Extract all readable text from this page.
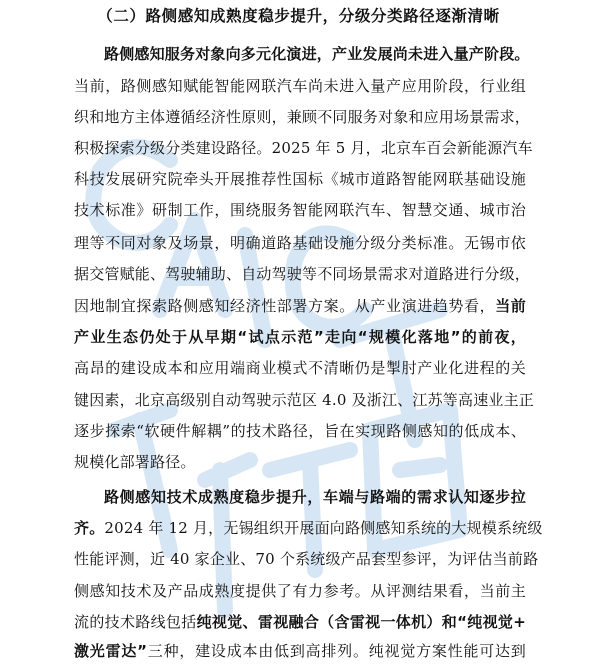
（二）路侧感知成熟度稳步提升，分级分类路径逐渐清晰
路侧感知服务对象向多元化演进，产业发展尚未进入量产阶段。
当前，路侧感知赋能智能网联汽车尚未进入量产应用阶段，行业组
织和地方主体遵循经济性原则，兼顾不同服务对象和应用场景需求，
积极探索分级分类建设路径。2025 年 5 月，北京车百会新能源汽车
科技发展研究院牵头开展推荐性国标《城市道路智能网联基础设施
技术标准》研制工作，围绕服务智能网联汽车、智慧交通、城市治
理等不同对象及场景，明确道路基础设施分级分类标准。无锡市依
据交管赋能、驾驶辅助、自动驾驶等不同场景需求对道路进行分级，
因地制宜探索路侧感知经济性部署方案。从产业演进趋势看，当前
产业生态仍处于从早期“试点示范”走向“规模化落地”的前夜，
高昂的建设成本和应用端商业模式不清晰仍是掣肘产业化进程的关
键因素，北京高级别自动驾驶示范区 4.0 及浙江、江苏等高速业主正
逐步探索“软硬件解耦”的技术路径，旨在实现路侧感知的低成本、
规模化部署路径。
路侧感知技术成熟度稳步提升，车端与路端的需求认知逐步拉
齐。2024 年 12 月，无锡组织开展面向路侧感知系统的大规模系统级
性能评测，近 40 家企业、70 个系统级产品套型参评，为评估当前路
侧感知技术及产品成熟度提供了有力参考。从评测结果看，当前主
流的技术路线包括纯视觉、雷视融合（含雷视一体机）和“纯视觉+
激光雷达”三种，建设成本由低到高排列。纯视觉方案性能可达到
